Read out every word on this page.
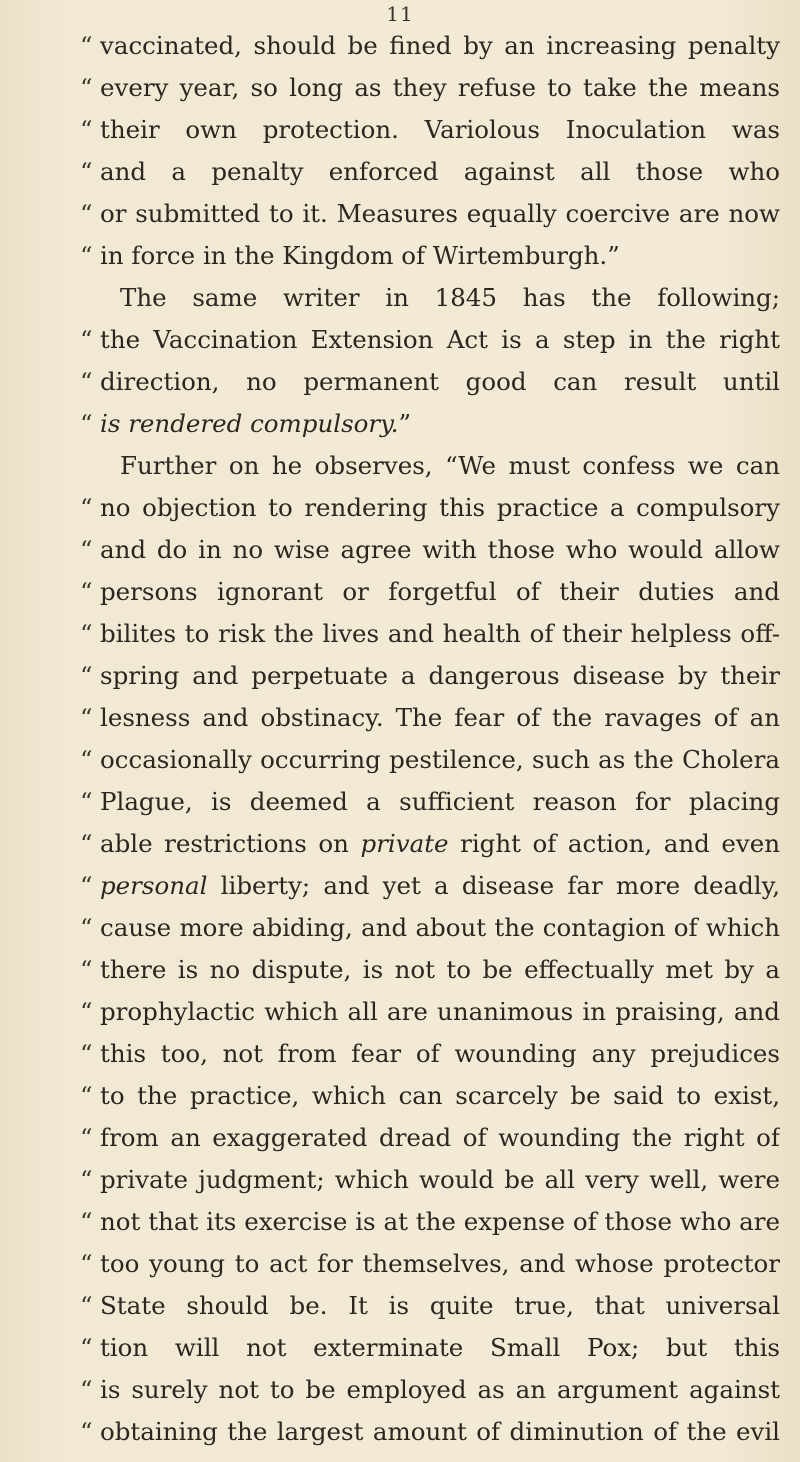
11
“ vaccinated, should be fined by an increasing penalty
“ every year, so long as they refuse to take the means
“ their own protection. Variolous Inoculation was
“ and a penalty enforced against all those who
“ or submitted to it. Measures equally coercive are now
“ in force in the Kingdom of Wirtemburgh.”
The same writer in 1845 has the following;
“ the Vaccination Extension Act is a step in the right
“ direction, no permanent good can result until
“ is rendered compulsory.”
Further on he observes, “We must confess we can
“ no objection to rendering this practice a compulsory
“ and do in no wise agree with those who would allow
“ persons ignorant or forgetful of their duties and
“ bilites to risk the lives and health of their helpless off-
“ spring and perpetuate a dangerous disease by their
“ lesness and obstinacy. The fear of the ravages of an
“ occasionally occurring pestilence, such as the Cholera
“ Plague, is deemed a sufficient reason for placing
“ able restrictions on private right of action, and even
“ personal liberty; and yet a disease far more deadly,
“ cause more abiding, and about the contagion of which
“ there is no dispute, is not to be effectually met by a
“ prophylactic which all are unanimous in praising, and
“ this too, not from fear of wounding any prejudices
“ to the practice, which can scarcely be said to exist,
“ from an exaggerated dread of wounding the right of
“ private judgment; which would be all very well, were
“ not that its exercise is at the expense of those who are
“ too young to act for themselves, and whose protector
“ State should be. It is quite true, that universal
“ tion will not exterminate Small Pox; but this
“ is surely not to be employed as an argument against
“ obtaining the largest amount of diminution of the evil
